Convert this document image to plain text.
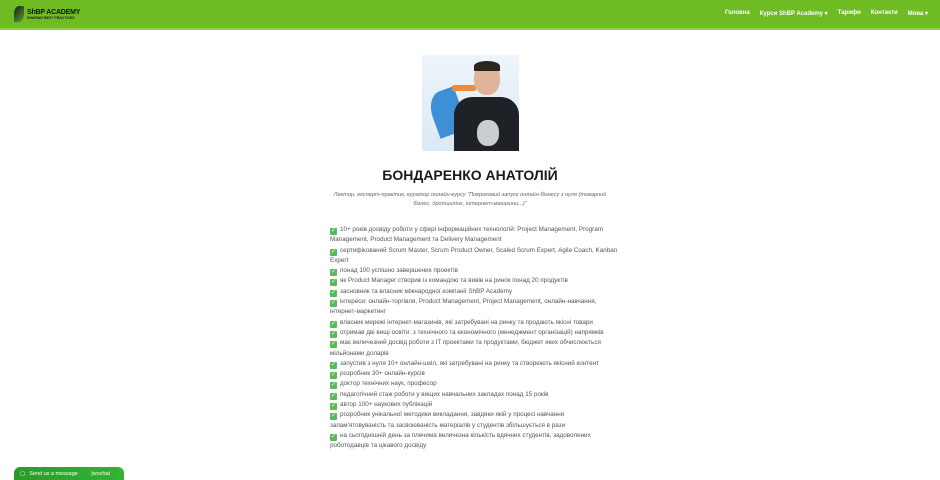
ShBP ACADEMY
SHARING BEST PRACTICES
Головна Курси ShBP Academy ▾ Тарифи Контакти Мова ▾
БОНДАРЕНКО АНАТОЛІЙ
Лектор, експерт-практик, куратор онлайн-курсу "Покроковий запуск онлайн-бізнесу з нуля (товарний бізнес, дропшипінг, інтернет-магазини...)"
✓ 10+ років досвіду роботи у сфері інформаційних технологій: Project Management, Program Management, Product Management та Delivery Management
✓ сертифікований Scrum Master, Scrum Product Owner, Scaled Scrum Expert, Agile Coach, Kanban Expert
✓ понад 100 успішно завершених проектів
✓ як Product Manager створив із командою та вивів на ринок понад 20 продуктів
✓ засновник та власник міжнародної компанії ShBP Academy
✓ інтереси: онлайн-торгівля, Product Management, Project Management, онлайн-навчання, інтернет-маркетинг
✓ власник мережі інтернет-магазинів, які затребувані на ринку та продають якісні товари
✓ отримав дві вищі освіти: з технічного та економічного (менеджмент організацій) напрямків
✓ має величезний досвід роботи з IT проектами та продуктами, бюджет яких обчислюється мільйонами доларів
✓ запустив з нуля 10+ онлайн-шкіл, які затребувані на ринку та створюють якісний контент
✓ розробник 30+ онлайн-курсів
✓ доктор технічних наук, професор
✓ педагогічний стаж роботи у вищих навчальних закладах понад 15 років
✓ автор 100+ наукових публікацій
✓ розробник унікальної методики викладання, завдяки якій у процесі навчання запам'ятовуваність та засвоюваність матеріалів у студентів збільшується в рази
✓ на сьогоднішній день за плечима величезна кількість вдячних студентів, задоволених роботодавців та цікавого досвіду
▢ Send us a message jivochat
